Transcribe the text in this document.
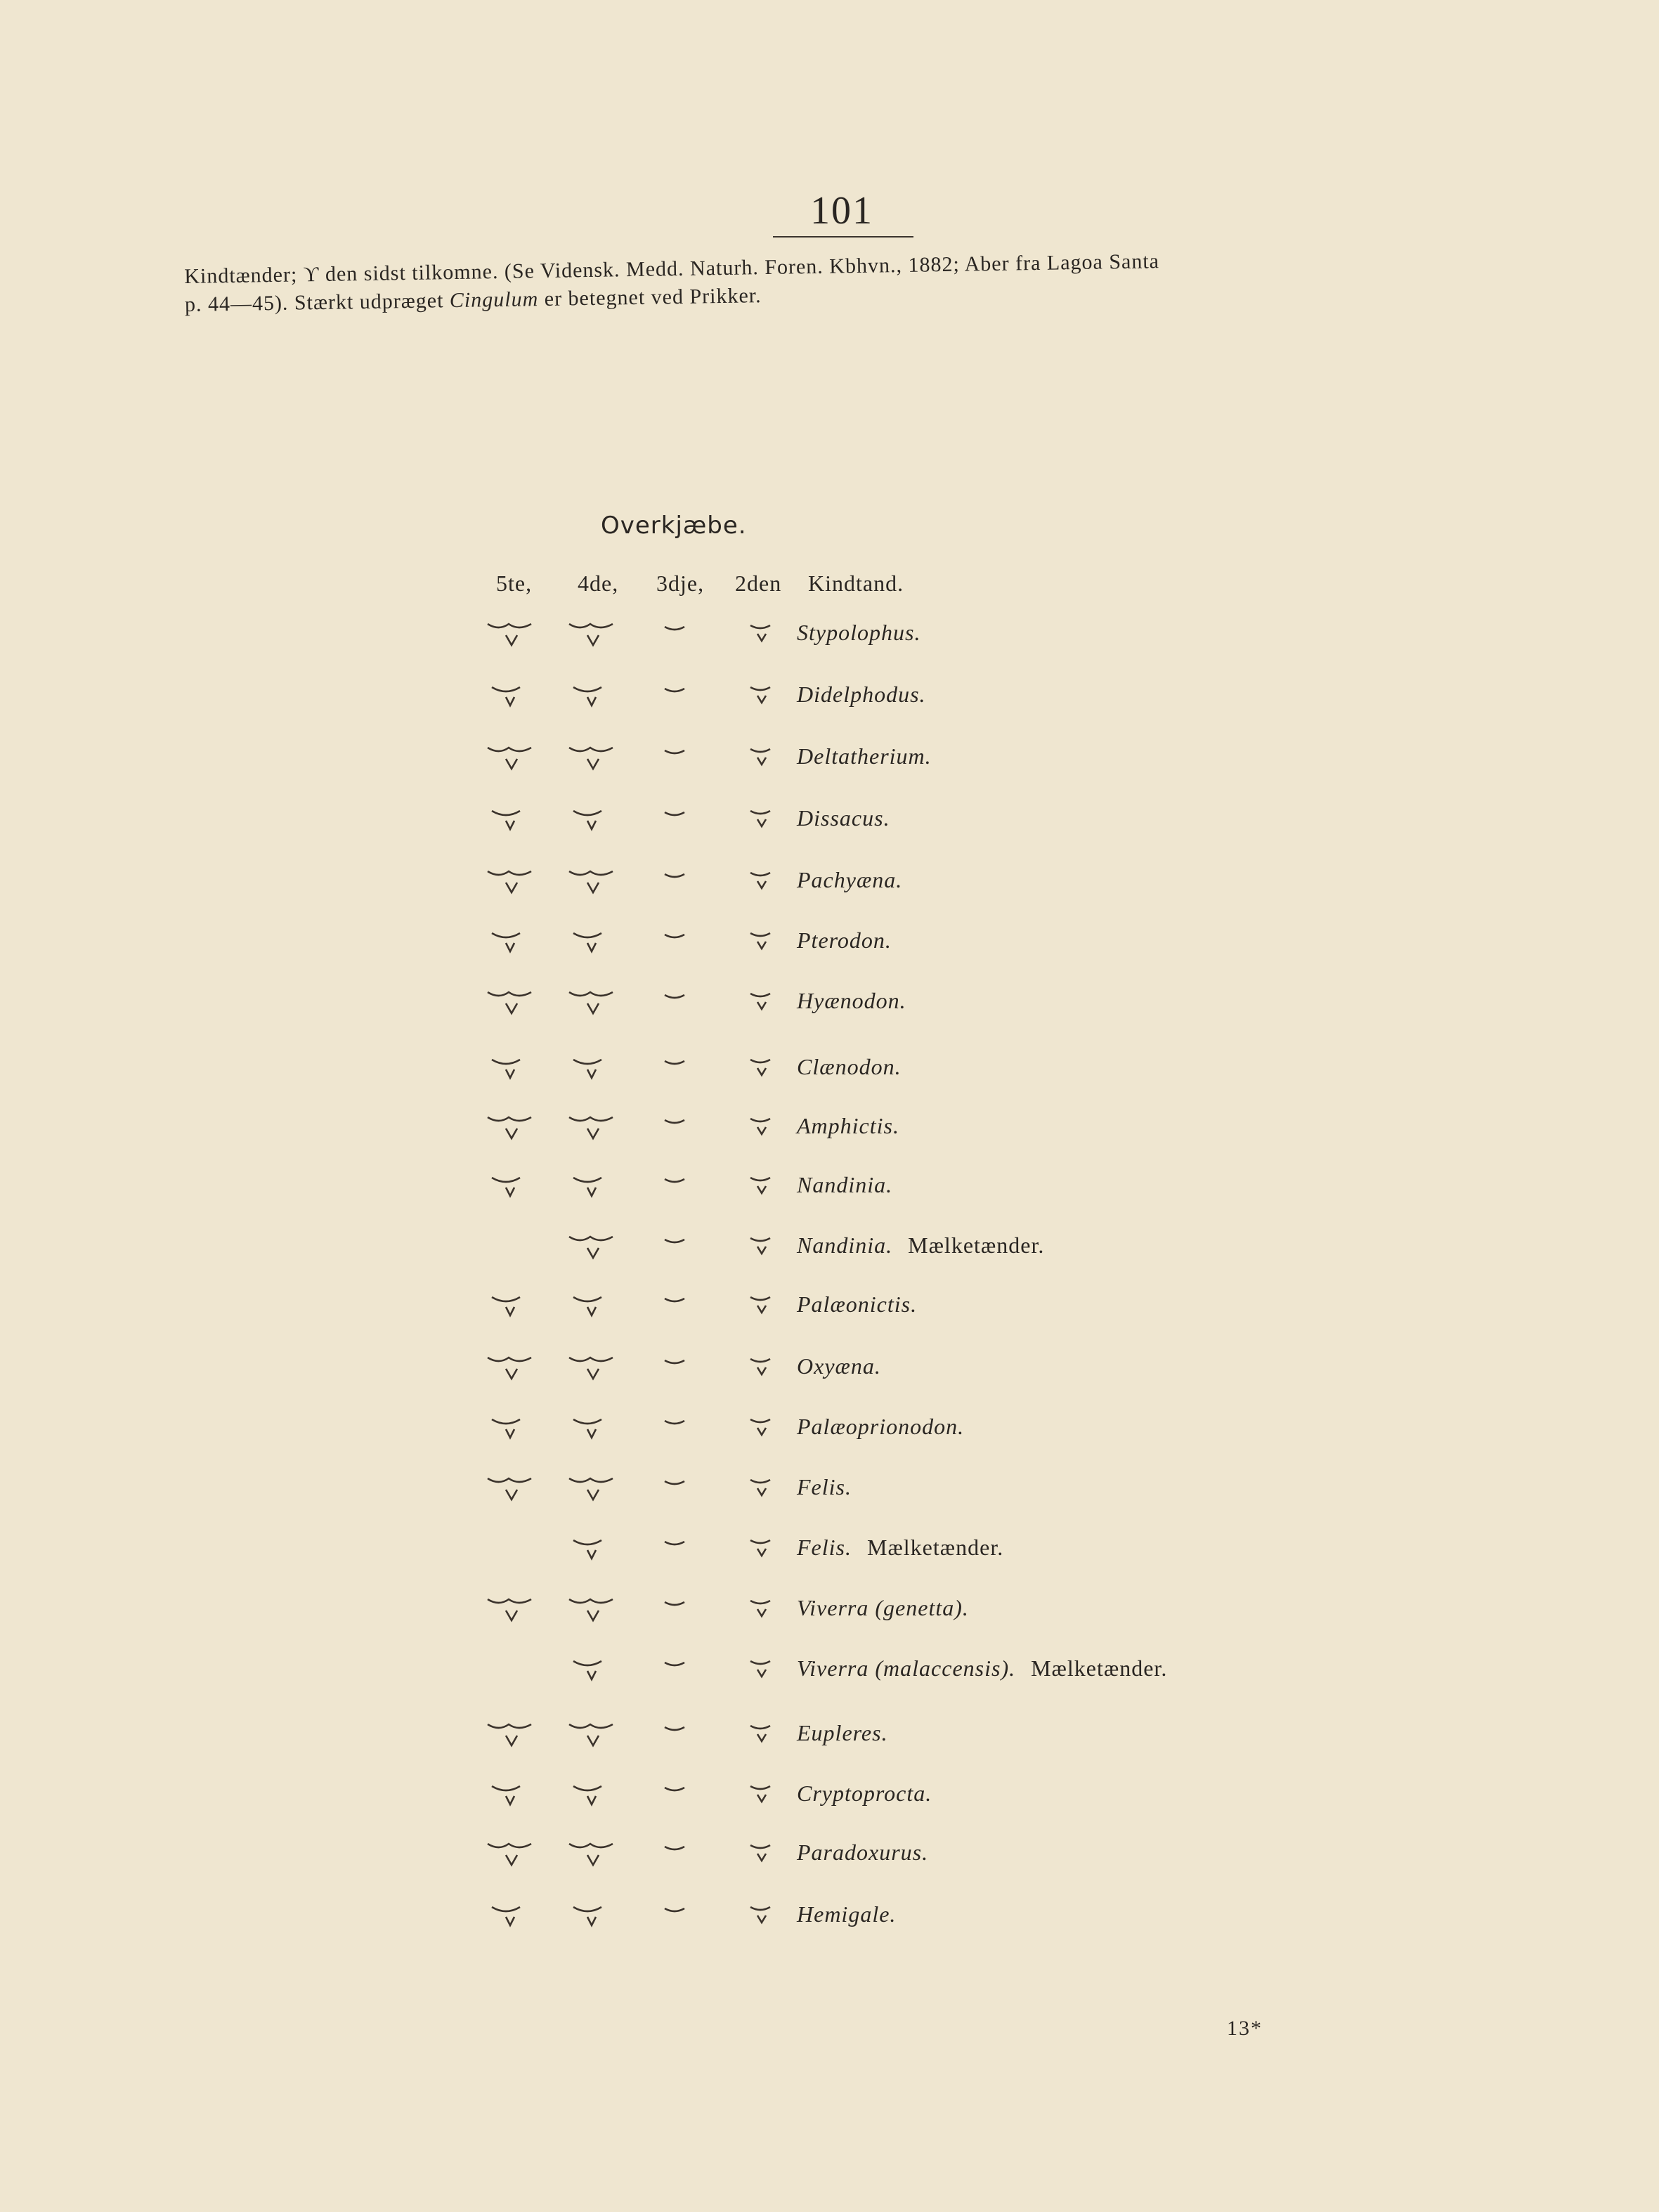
101
Kindtænder; ϒ den sidst tilkomne. (Se Vidensk. Medd. Naturh. Foren. Kbhvn., 1882; Aber fra Lagoa Santa
p. 44—45). Stærkt udpræget Cingulum er betegnet ved Prikker.
Overkjæbe.
5te, 4de, 3dje, 2den Kindtand.
Stypolophus.
Didelphodus.
Deltatherium.
Dissacus.
Pachyæna.
Pterodon.
Hyænodon.
Clænodon.
Amphictis.
Nandinia.
Nandinia. Mælketænder.
Palæonictis.
Oxyæna.
Palæoprionodon.
Felis.
Felis. Mælketænder.
Viverra (genetta).
Viverra (malaccensis). Mælketænder.
Eupleres.
Cryptoprocta.
Paradoxurus.
Hemigale.
13*
